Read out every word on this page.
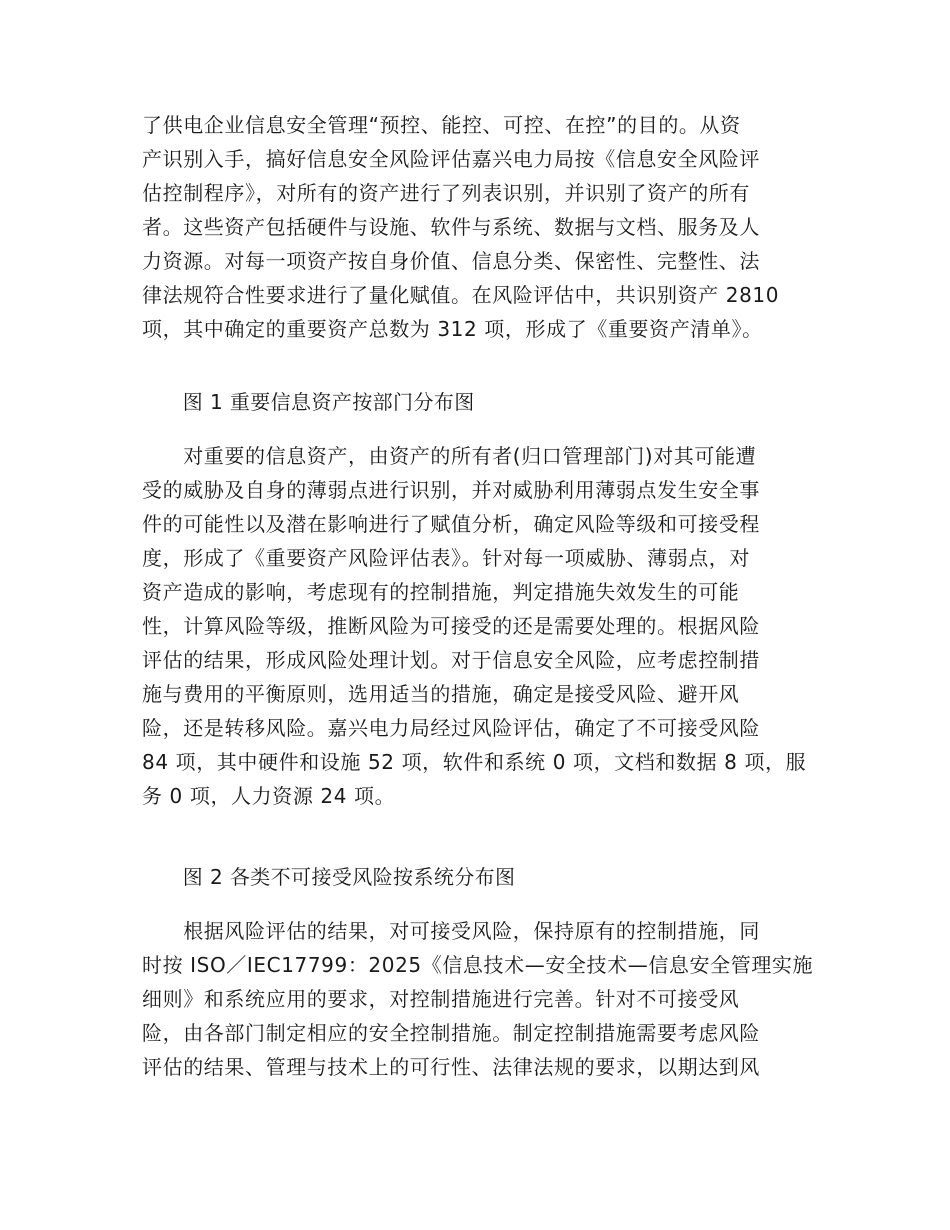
了供电企业信息安全管理“预控、能控、可控、在控”的目的。从资
产识别入手，搞好信息安全风险评估嘉兴电力局按《信息安全风险评
估控制程序》，对所有的资产进行了列表识别，并识别了资产的所有
者。这些资产包括硬件与设施、软件与系统、数据与文档、服务及人
力资源。对每一项资产按自身价值、信息分类、保密性、完整性、法
律法规符合性要求进行了量化赋值。在风险评估中，共识别资产 2810
项，其中确定的重要资产总数为 312 项，形成了《重要资产清单》。
　　图 1 重要信息资产按部门分布图
　　对重要的信息资产，由资产的所有者(归口管理部门)对其可能遭
受的威胁及自身的薄弱点进行识别，并对威胁利用薄弱点发生安全事
件的可能性以及潜在影响进行了赋值分析，确定风险等级和可接受程
度，形成了《重要资产风险评估表》。针对每一项威胁、薄弱点，对
资产造成的影响，考虑现有的控制措施，判定措施失效发生的可能
性，计算风险等级，推断风险为可接受的还是需要处理的。根据风险
评估的结果，形成风险处理计划。对于信息安全风险，应考虑控制措
施与费用的平衡原则，选用适当的措施，确定是接受风险、避开风
险，还是转移风险。嘉兴电力局经过风险评估，确定了不可接受风险
84 项，其中硬件和设施 52 项，软件和系统 0 项，文档和数据 8 项，服
务 0 项，人力资源 24 项。
　　图 2 各类不可接受风险按系统分布图
　　根据风险评估的结果，对可接受风险，保持原有的控制措施，同
时按 ISO／IEC17799：2025《信息技术—安全技术—信息安全管理实施
细则》和系统应用的要求，对控制措施进行完善。针对不可接受风
险，由各部门制定相应的安全控制措施。制定控制措施需要考虑风险
评估的结果、管理与技术上的可行性、法律法规的要求，以期达到风
